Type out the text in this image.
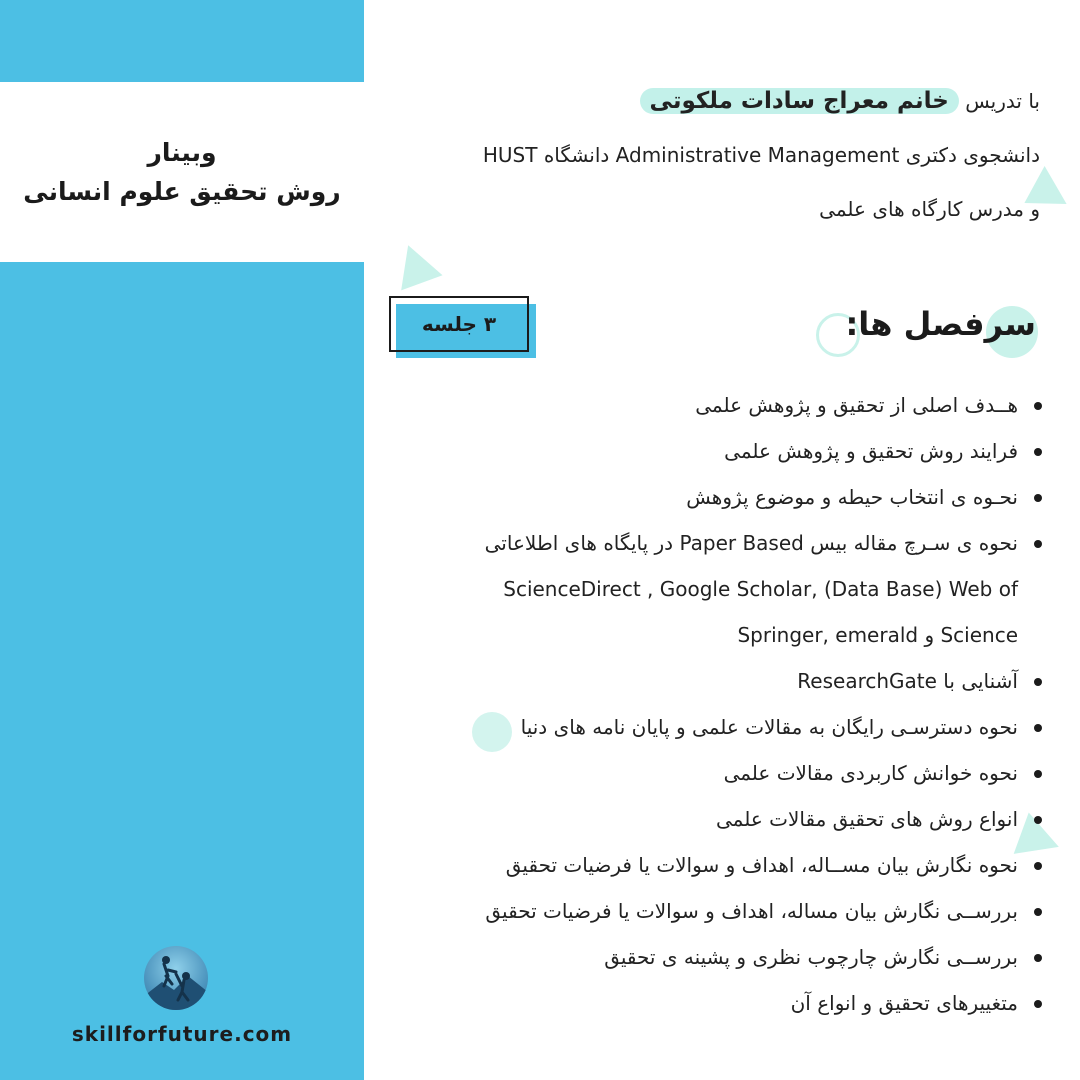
وبینار
روش تحقیق علوم انسانی
skillforfuture.com
با تدریس خانم معراج سادات ملکوتی
دانشجوی دکتری Administrative Management دانشگاه HUST
و مدرس کارگاه های علمی
۳ جلسه	سرفصل ها:
هــدف اصلی از تحقیق و پژوهش علمی
فرایند روش تحقیق و پژوهش علمی
نحـوه ی انتخاب حیطه و موضوع پژوهش
نحوه ی سـرچ مقاله بیس Paper Based در پایگاه های اطلاعاتی
ScienceDirect , Google Scholar, (Data Base) Web of
Science و Springer, emerald
آشنایی با ResearchGate
نحوه دسترسـی رایگان به مقالات علمی و پایان نامه های دنیا
نحوه خوانش کاربردی مقالات علمی
انواع روش های تحقیق مقالات علمی
نحوه نگارش بیان مســاله، اهداف و سوالات یا فرضیات تحقیق
بررســی نگارش بیان مساله، اهداف و سوالات یا فرضیات تحقیق
بررســی نگارش چارچوب نظری و پشینه ی تحقیق
متغییرهای تحقیق و انواع آن
